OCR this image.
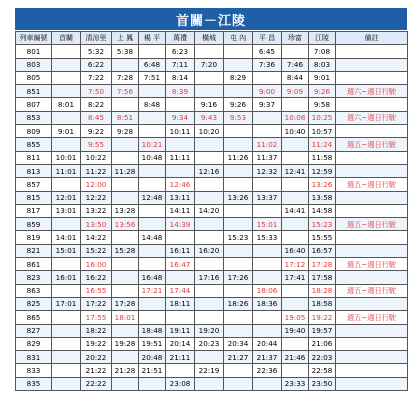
首關－江陵
列車編號	首關	清涼里	上 鳳	楊 平	萬禮	橫城	屯 內	平 昌	珍富	江陵	備註
801		5:32	5:38		6:23			6:45		7:08	
803		6:22		6:48	7:11	7:20		7:36	7:46	8:03	
805		7:22	7:28	7:51	8:14		8:29		8:44	9:01	
851		7:50	7:56		8:39			9:00	9:09	9:26	週六~週日行駛
807	8:01	8:22		8:48		9:16	9:26	9:37		9:58	
853		8:45	8:51		9:34	9:43	9:53		10:08	10:25	週六~週日行駛
809	9:01	9:22	9:28		10:11	10:20			10:40	10:57	
855		9:55		10:21				11:02		11:24	週五~週日行駛
811	10:01	10:22		10:48	11:11		11:26	11:37		11:58	
813	11:01	11:22	11:28			12:16		12:32	12:41	12:59	
857		12:00			12:46					13:26	週五~週日行駛
815	12:01	12:22		12:48	13:11		13:26	13:37		13:58	
817	13:01	13:22	13:28		14:11	14:20			14:41	14:58	
859		13:50	13:56		14:39			15:01		15:23	週五~週日行駛
819	14:01	14:22		14:48			15:23	15:33		15:55	
821	15:01	15:22	15:28		16:11	16:20			16:40	16:57	
861		16:00			16:47				17:12	17:28	週五~週日行駛
823	16:01	16:22		16:48		17:16	17:26		17:41	17:58	
863		16:55		17:21	17:44			18:06		18:28	週五~週日行駛
825	17:01	17:22	17:28		18:11		18:26	18:36		18:58	
865		17:55	18:01						19:05	19:22	週五~週日行駛
827		18:22		18:48	19:11	19:20			19:40	19:57	
829		19:22	19:28	19:51	20:14	20:23	20:34	20:44		21:06	
831		20:22		20:48	21:11		21:27	21:37	21:46	22:03	
833		21:22	21:28	21:51		22:19		22:36		22:58	
835		22:22			23:08				23:33	23:50	
